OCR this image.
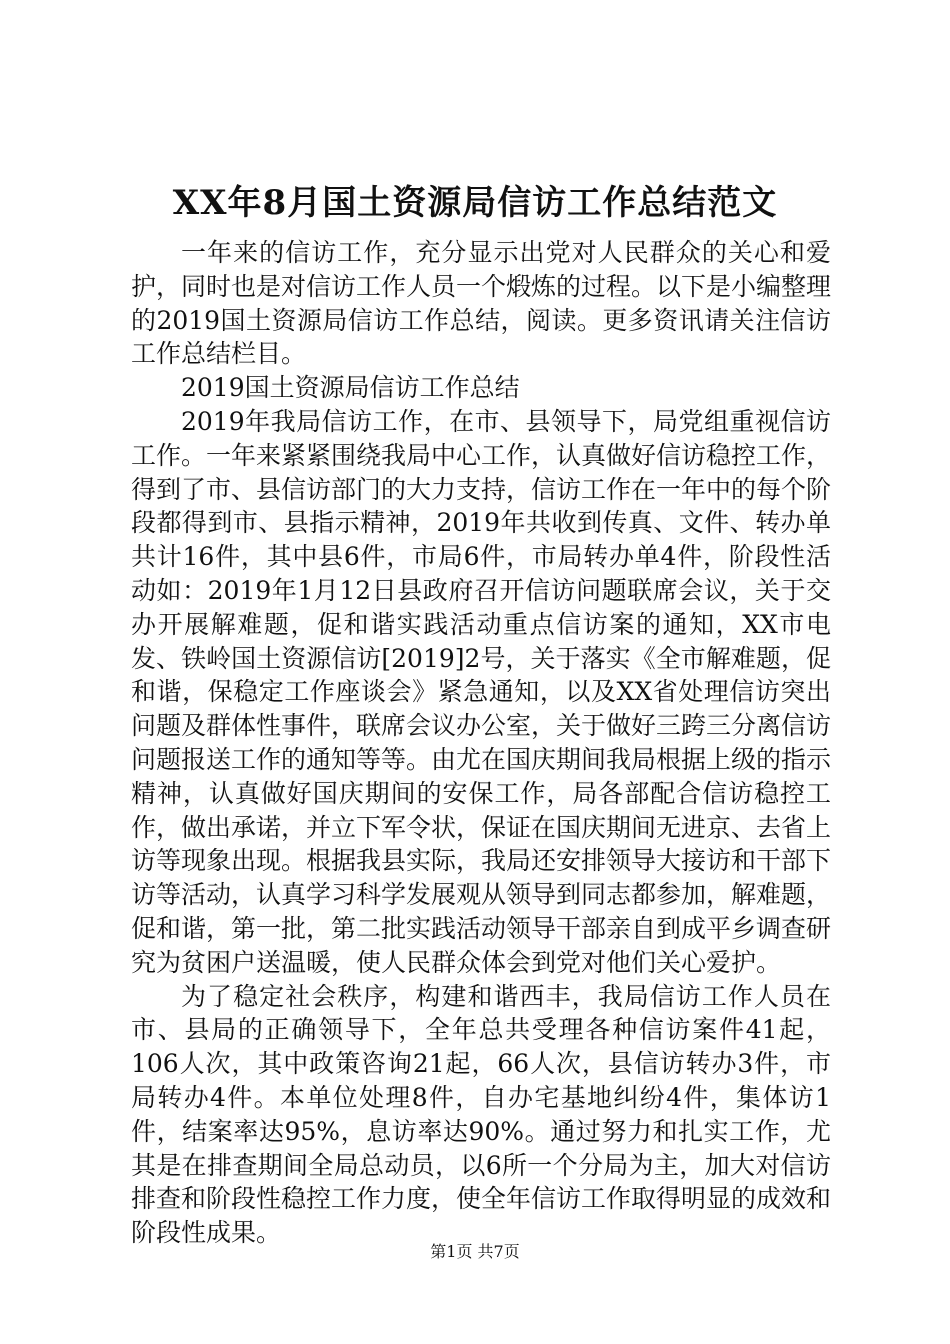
XX年8月国土资源局信访工作总结范文

一年来的信访工作，充分显示出党对人民群众的关心和爱护，同时也是对信访工作人员一个煅炼的过程。以下是小编整理的2019国土资源局信访工作总结，阅读。更多资讯请关注信访工作总结栏目。

2019国土资源局信访工作总结

2019年我局信访工作，在市、县领导下，局党组重视信访工作。一年来紧紧围绕我局中心工作，认真做好信访稳控工作，得到了市、县信访部门的大力支持，信访工作在一年中的每个阶段都得到市、县指示精神，2019年共收到传真、文件、转办单共计16件，其中县6件，市局6件，市局转办单4件，阶段性活动如：2019年1月12日县政府召开信访问题联席会议，关于交办开展解难题，促和谐实践活动重点信访案的通知，XX市电发、铁岭国土资源信访[2019]2号，关于落实《全市解难题，促和谐，保稳定工作座谈会》紧急通知，以及XX省处理信访突出问题及群体性事件，联席会议办公室，关于做好三跨三分离信访问题报送工作的通知等等。由尤在国庆期间我局根据上级的指示精神，认真做好国庆期间的安保工作，局各部配合信访稳控工作，做出承诺，并立下军令状，保证在国庆期间无进京、去省上访等现象出现。根据我县实际，我局还安排领导大接访和干部下访等活动，认真学习科学发展观从领导到同志都参加，解难题，促和谐，第一批，第二批实践活动领导干部亲自到成平乡调查研究为贫困户送温暖，使人民群众体会到党对他们关心爱护。

为了稳定社会秩序，构建和谐西丰，我局信访工作人员在市、县局的正确领导下，全年总共受理各种信访案件41起，106人次，其中政策咨询21起，66人次，县信访转办3件，市局转办4件。本单位处理8件，自办宅基地纠纷4件，集体访1件，结案率达95%，息访率达90%。通过努力和扎实工作，尤其是在排查期间全局总动员，以6所一个分局为主，加大对信访排查和阶段性稳控工作力度，使全年信访工作取得明显的成效和阶段性成果。

第1页 共7页
